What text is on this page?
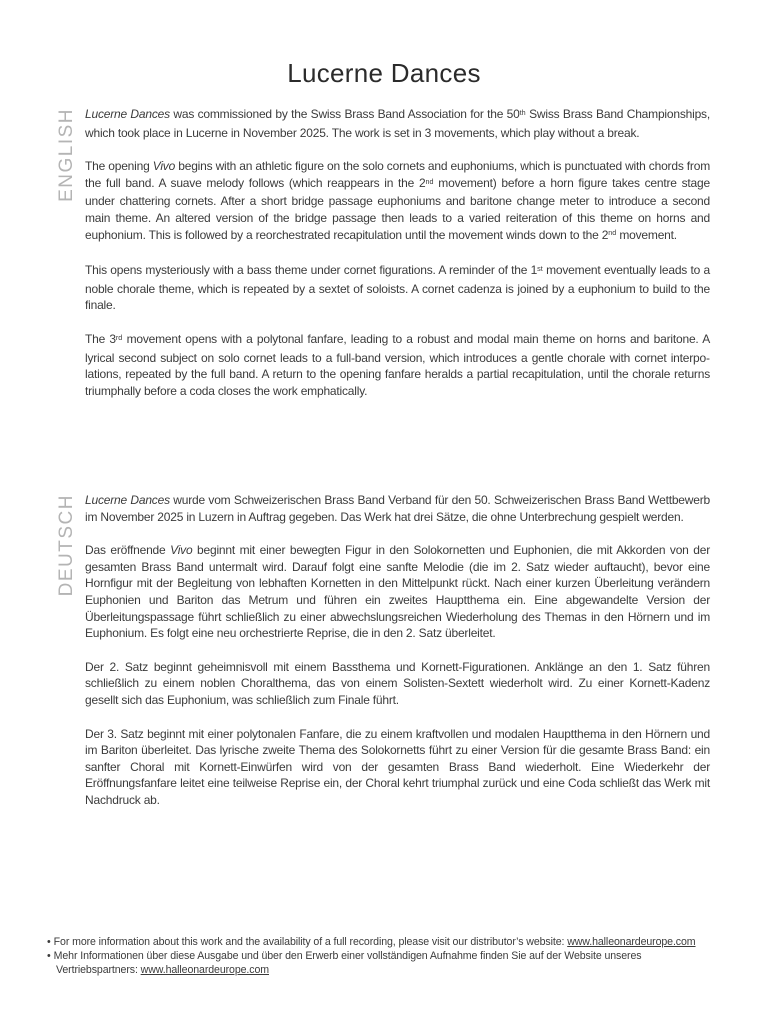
Lucerne Dances
ENGLISH Lucerne Dances was commissioned by the Swiss Brass Band Association for the 50th Swiss Brass Band Championships, which took place in Lucerne in November 2025. The work is set in 3 movements, which play without a break.

The opening Vivo begins with an athletic figure on the solo cornets and euphoniums, which is punctuated with chords from the full band. A suave melody follows (which reappears in the 2nd movement) before a horn figure takes centre stage under chattering cornets. After a short bridge passage euphoniums and baritone change meter to introduce a second main theme. An altered version of the bridge passage then leads to a varied reiteration of this theme on horns and euphonium. This is followed by a reorchestrated recapitulation until the movement winds down to the 2nd movement.

This opens mysteriously with a bass theme under cornet figurations. A reminder of the 1st movement eventually leads to a noble chorale theme, which is repeated by a sextet of soloists. A cornet cadenza is joined by a euphonium to build to the finale.

The 3rd movement opens with a polytonal fanfare, leading to a robust and modal main theme on horns and baritone. A lyrical second subject on solo cornet leads to a full-band version, which introduces a gentle chorale with cornet interpolations, repeated by the full band. A return to the opening fanfare heralds a partial recapitulation, until the chorale returns triumphally before a coda closes the work emphatically.

DEUTSCH Lucerne Dances wurde vom Schweizerischen Brass Band Verband für den 50. Schweizerischen Brass Band Wettbewerb im November 2025 in Luzern in Auftrag gegeben. Das Werk hat drei Sätze, die ohne Unterbrechung gespielt werden.

Das eröffnende Vivo beginnt mit einer bewegten Figur in den Solokornetten und Euphonien, die mit Akkorden von der gesamten Brass Band untermalt wird. Darauf folgt eine sanfte Melodie (die im 2. Satz wieder auftaucht), bevor eine Hornfigur mit der Begleitung von lebhaften Kornetten in den Mittelpunkt rückt. Nach einer kurzen Überleitung verändern Euphonien und Bariton das Metrum und führen ein zweites Hauptthema ein. Eine abgewandelte Version der Überleitungspassage führt schließlich zu einer abwechslungsreichen Wiederholung des Themas in den Hörnern und im Euphonium. Es folgt eine neu orchestrierte Reprise, die in den 2. Satz überleitet.

Der 2. Satz beginnt geheimnisvoll mit einem Bassthema und Kornett-Figurationen. Anklänge an den 1. Satz führen schließlich zu einem noblen Choralthema, das von einem Solisten-Sextett wiederholt wird. Zu einer Kornett-Kadenz gesellt sich das Euphonium, was schließlich zum Finale führt.

Der 3. Satz beginnt mit einer polytonalen Fanfare, die zu einem kraftvollen und modalen Hauptthema in den Hörnern und im Bariton überleitet. Das lyrische zweite Thema des Solokornetts führt zu einer Version für die gesamte Brass Band: ein sanfter Choral mit Kornett-Einwürfen wird von der gesamten Brass Band wiederholt. Eine Wiederkehr der Eröffnungsfanfare leitet eine teilweise Reprise ein, der Choral kehrt triumphal zurück und eine Coda schließt das Werk mit Nachdruck ab.

• For more information about this work and the availability of a full recording, please visit our distributor’s website: www.halleonardeurope.com
• Mehr Informationen über diese Ausgabe und über den Erwerb einer vollständigen Aufnahme finden Sie auf der Website unseres Vertriebspartners: www.halleonardeurope.com
